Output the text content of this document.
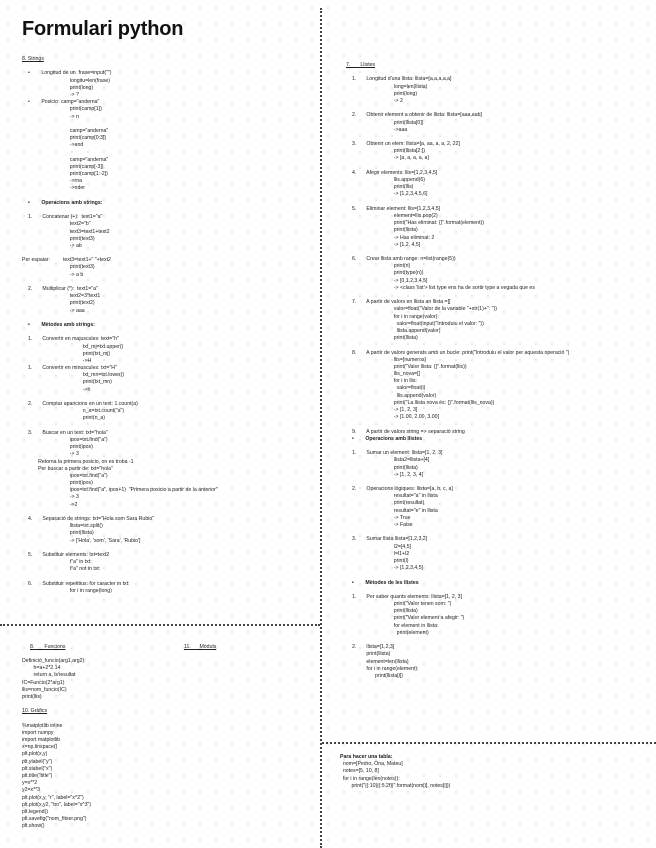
Formulari python
8. Strings
•        Longitud de un  frase=input("")
longitu=len(frase)
print(long)
-> ?
•        Posicio: camp="anderna"
print(camp[1])
-> n
camp="anderna"
print(camp[0:3])
->and
camp="anderna"
print(camp[-3])
print(camp[1:-2])
->rna
->nder
•        Operacions amb strings:
1.       Concatenar (+):  text1="a"
text2="b"
text3=text1+text2
print(text3)
-> ab
Per espaiar:         text3=text1+" "+text2
print(text3)
-> a b
2.       Multiplicar (*):  text1="a"
text2=3*text1
print(text2)
-> aaa
•        Mètodes amb strings:
1.       Convertir en majuscules: text="h"
txt_mj=txt.upper()
print(txt_mj)
->H
1.       Convertir en minuscules: txt="H"
txt_mn=txt.lower()
print(txt_mn)
->h
2.       Comptar aparicions en un text: 1.count(a)
n_a=txt.count("a")
print(n_a)
3.       Buscar en un text: txt="hola"
ipos=txt.find("a")
print(ipos)
-> 3
Retorna la primera posicio, on es troba -1
Per buscar a partir de: txt="hola"
ipos=txt.find("a")
print(ipos)
ipos=txt.find("a", ipos+1)  "Primera posicio a partir de la anterior"
-> 3
->2
4.       Separació de strings: txt="Hola som Sara Rubio"
llista=txt.split()
print(llista)
-> ['Hola', 'som', 'Sara', 'Rubio']
5.       Substituir elements: txt=text2
t"a" in txt:
t"a" not in txt:
6.       Substituir repetitius: for caracter in txt:
for i in range(long)
7.       Llistes
1.       Longitud d'una llista: llista=[a,a,a,a,a]
long=len(llista)
print(long)
-> 2
2.       Obtenir element a obtenir de llista: llista=[aaa,aab]
print(llista[0])
->aaa
3.       Obtenir un elem: llista=[a, aa, a, a, 2, 22]
print(llista[2:])
-> [a, a, a, a, a]
4.       Afegir elements: llis=[1,2,3,4,5]
llis.append(6)
print(llis)
-> [1,2,3,4,5,6]
5.       Eliminar element: llis=[1,2,3,4,5]
element=llis.pop(2)
print("Has eliminat: {}".format(element))
print(llista)
-> Has eliminat: 2
-> [1,2, 4,5]
6.       Crear llista amb range: n=list(range(5))
print(n)
print(type(n))
-> [0,1,2,3,4,5]
-> <class 'list'> list type ens ha de sortir type a vegada que es
7.       A partir de valors en llista an llista =[]
valor=float("Valor de la variable "+str(1)+": "))
for i in range(valor):
valor=float(input("Introduiu el valor: "))
llista.append(valor)
print(llista)
8.       A partir de valors generats amb un bucle: print("Introduiu el valor per aquesta operació ")
llis=[numeros]
print("Valor llista: {}".format(llis))
llis_nova=[]
for i in llis:
valor=float(i)
llis.append(valor)
print("La llista nova és: {}".format(llis_nova))
-> [1, 2, 3]
-> [1.00, 2.00, 3.00]
9.       A partir de valors string => separació string
•        Operacions amb llistes
1.       Sumar un element: llista=[1, 2, 3]
llista2=llista+[4]
print(llista)
-> [1, 2, 3, 4]
2.       Operacions lògiques: llista=[a, b, c, a]
resultat="a" in llista
print(resultat)
resultat="e" in llista
-> True
-> False
3.       Sumar llista llista=[1,2,3,2]
l2=[4,5]
l=l1+l2
print(l)
-> [1,2,3,4,5]
•        Mètodes de les llistes
1.       Per saber quants elements: llista=[1, 2, 3]
print("Valor tenen som: ")
print(llista)
print("Valor element a afegir: ")
for element in llista:
print(element)
2.       llista=[1,2,3]
print(llista)
element=len(llista)
for i in range(element):
print(llista[i])
8.       Funcions	11.      Mòduls
Definició_funcio(arg1,arg2):
h=a+2*2.14
return a, b/resultat
IC=Funcio(2*arg1)
llis=nom_funcio(IC)
print(llis)
10. Gràfics
%matplotlib inline
import numpy
import matplotlib
x=np.linspace()
plt.plot(x,y)
plt.ylabel("y")
plt.xlabel("x")
plt.title("title")
y=x**2
y2=x**3
plt.plot(x,y, "r", label="x^2")
plt.plot(x,y2, "bo", label="x^3")
plt.legend()
plt.savefig("nom_fitxer.png")
plt.show()
Para hacer una tabla:
nom=[Pedro, Ona, Mateu]
notes=[5, 10, 8]
for i in range(len(notes)):
print("|{:10}|{:5.2f}|".format(nom[i], notes[i]))
